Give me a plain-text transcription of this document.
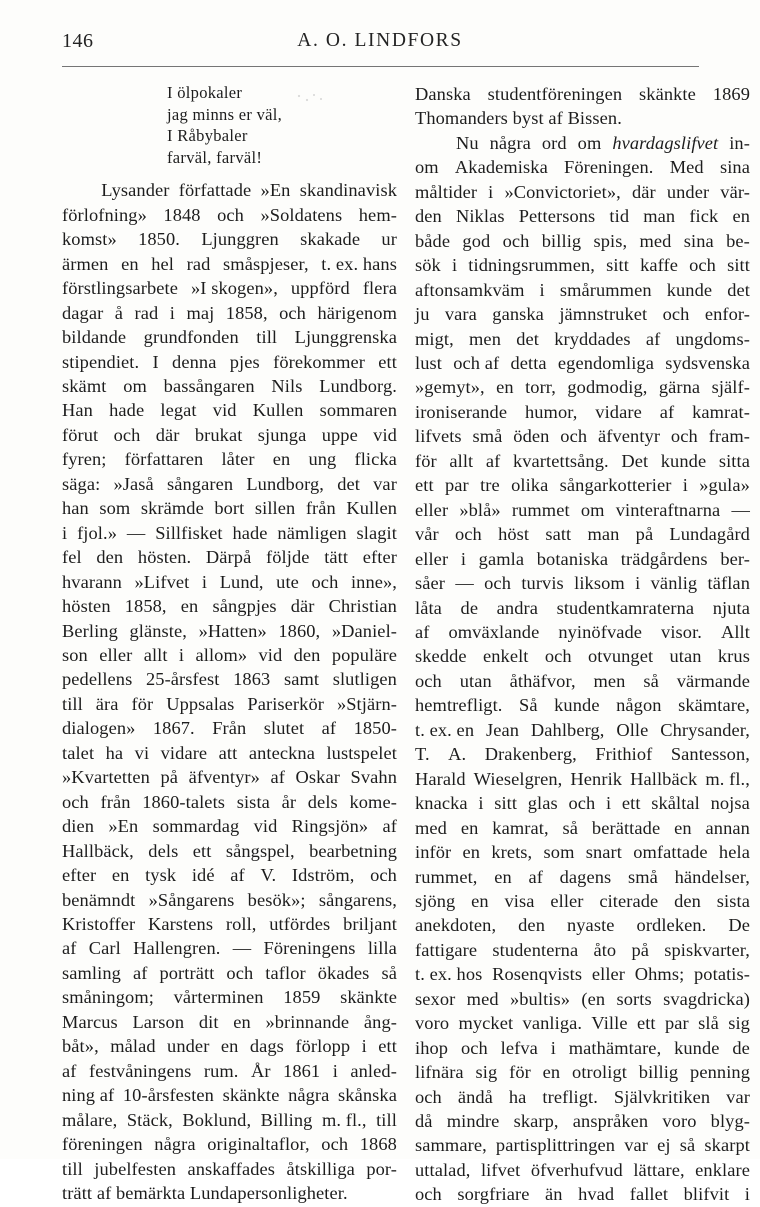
146	A. O. LINDFORS
I ölpokaler
jag minns er väl,
I Råbybaler
farväl, farväl!
Lysander författade »En skandinavisk
förlofning» 1848 och »Soldatens hem-
komst» 1850. Ljunggren skakade ur
ärmen en hel rad småspjeser, t. ex. hans
förstlingsarbete »I skogen», uppförd flera
dagar å rad i maj 1858, och härigenom
bildande grundfonden till Ljunggrenska
stipendiet. I denna pjes förekommer ett
skämt om bassångaren Nils Lundborg.
Han hade legat vid Kullen sommaren
förut och där brukat sjunga uppe vid
fyren; författaren låter en ung flicka
säga: »Jaså sångaren Lundborg, det var
han som skrämde bort sillen från Kullen
i fjol.» — Sillfisket hade nämligen slagit
fel den hösten. Därpå följde tätt efter
hvarann »Lifvet i Lund, ute och inne»,
hösten 1858, en sångpjes där Christian
Berling glänste, »Hatten» 1860, »Daniel-
son eller allt i allom» vid den populäre
pedellens 25-årsfest 1863 samt slutligen
till ära för Uppsalas Pariserkör »Stjärn-
dialogen» 1867. Från slutet af 1850-
talet ha vi vidare att anteckna lustspelet
»Kvartetten på äfventyr» af Oskar Svahn
och från 1860-talets sista år dels kome-
dien »En sommardag vid Ringsjön» af
Hallbäck, dels ett sångspel, bearbetning
efter en tysk idé af V. Idström, och
benämndt »Sångarens besök»; sångarens,
Kristoffer Karstens roll, utfördes briljant
af Carl Hallengren. — Föreningens lilla
samling af porträtt och taflor ökades så
småningom; vårterminen 1859 skänkte
Marcus Larson dit en »brinnande ång-
båt», målad under en dags förlopp i ett
af festvåningens rum. År 1861 i anled-
ning af 10-årsfesten skänkte några skånska
målare, Stäck, Boklund, Billing m. fl., till
föreningen några originaltaflor, och 1868
till jubelfesten anskaffades åtskilliga por-
trätt af bemärkta Lundapersonligheter.
Danska studentföreningen skänkte 1869
Thomanders byst af Bissen.
Nu några ord om hvardagslifvet in-
om Akademiska Föreningen. Med sina
måltider i »Convictoriet», där under vär-
den Niklas Pettersons tid man fick en
både god och billig spis, med sina be-
sök i tidningsrummen, sitt kaffe och sitt
aftonsamkväm i smårummen kunde det
ju vara ganska jämnstruket och enfor-
migt, men det kryddades af ungdoms-
lust och af detta egendomliga sydsvenska
»gemyt», en torr, godmodig, gärna själf-
ironiserande humor, vidare af kamrat-
lifvets små öden och äfventyr och fram-
för allt af kvartettsång. Det kunde sitta
ett par tre olika sångarkotterier i »gula»
eller »blå» rummet om vinteraftnarna —
vår och höst satt man på Lundagård
eller i gamla botaniska trädgårdens ber-
såer — och turvis liksom i vänlig täflan
låta de andra studentkamraterna njuta
af omväxlande nyinöfvade visor. Allt
skedde enkelt och otvunget utan krus
och utan åthäfvor, men så värmande
hemtrefligt. Så kunde någon skämtare,
t. ex. en Jean Dahlberg, Olle Chrysander,
T. A. Drakenberg, Frithiof Santesson,
Harald Wieselgren, Henrik Hallbäck m. fl.,
knacka i sitt glas och i ett skåltal nojsa
med en kamrat, så berättade en annan
inför en krets, som snart omfattade hela
rummet, en af dagens små händelser,
sjöng en visa eller citerade den sista
anekdoten, den nyaste ordleken. De
fattigare studenterna åto på spiskvarter,
t. ex. hos Rosenqvists eller Ohms; potatis-
sexor med »bultis» (en sorts svagdricka)
voro mycket vanliga. Ville ett par slå sig
ihop och lefva i mathämtare, kunde de
lifnära sig för en otroligt billig penning
och ändå ha trefligt. Självkritiken var
då mindre skarp, anspråken voro blyg-
sammare, partisplittringen var ej så skarpt
uttalad, lifvet öfverhufvud lättare, enklare
och sorgfriare än hvad fallet blifvit i
